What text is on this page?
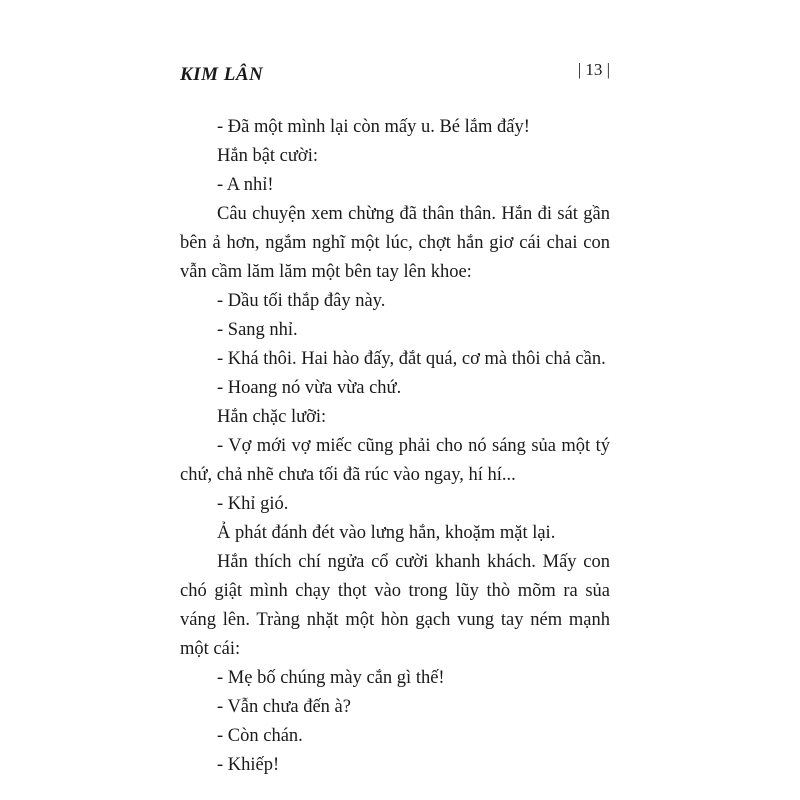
KIM LÂN	| 13 |

- Đã một mình lại còn mấy u. Bé lắm đấy!

Hắn bật cười:

- A nhỉ!

Câu chuyện xem chừng đã thân thân. Hắn đi sát gần bên ả hơn, ngắm nghĩ một lúc, chợt hắn giơ cái chai con vẫn cầm lăm lăm một bên tay lên khoe:

- Dầu tối thắp đây này.

- Sang nhỉ.

- Khá thôi. Hai hào đấy, đắt quá, cơ mà thôi chả cần.

- Hoang nó vừa vừa chứ.

Hắn chặc lưỡi:

- Vợ mới vợ miếc cũng phải cho nó sáng sủa một tý chứ, chả nhẽ chưa tối đã rúc vào ngay, hí hí...

- Khỉ gió.

Ả phát đánh đét vào lưng hắn, khoặm mặt lại.

Hắn thích chí ngửa cổ cười khanh khách. Mấy con chó giật mình chạy thọt vào trong lũy thò mõm ra sủa váng lên. Tràng nhặt một hòn gạch vung tay ném mạnh một cái:

- Mẹ bố chúng mày cắn gì thế!

- Vẫn chưa đến à?

- Còn chán.

- Khiếp!
